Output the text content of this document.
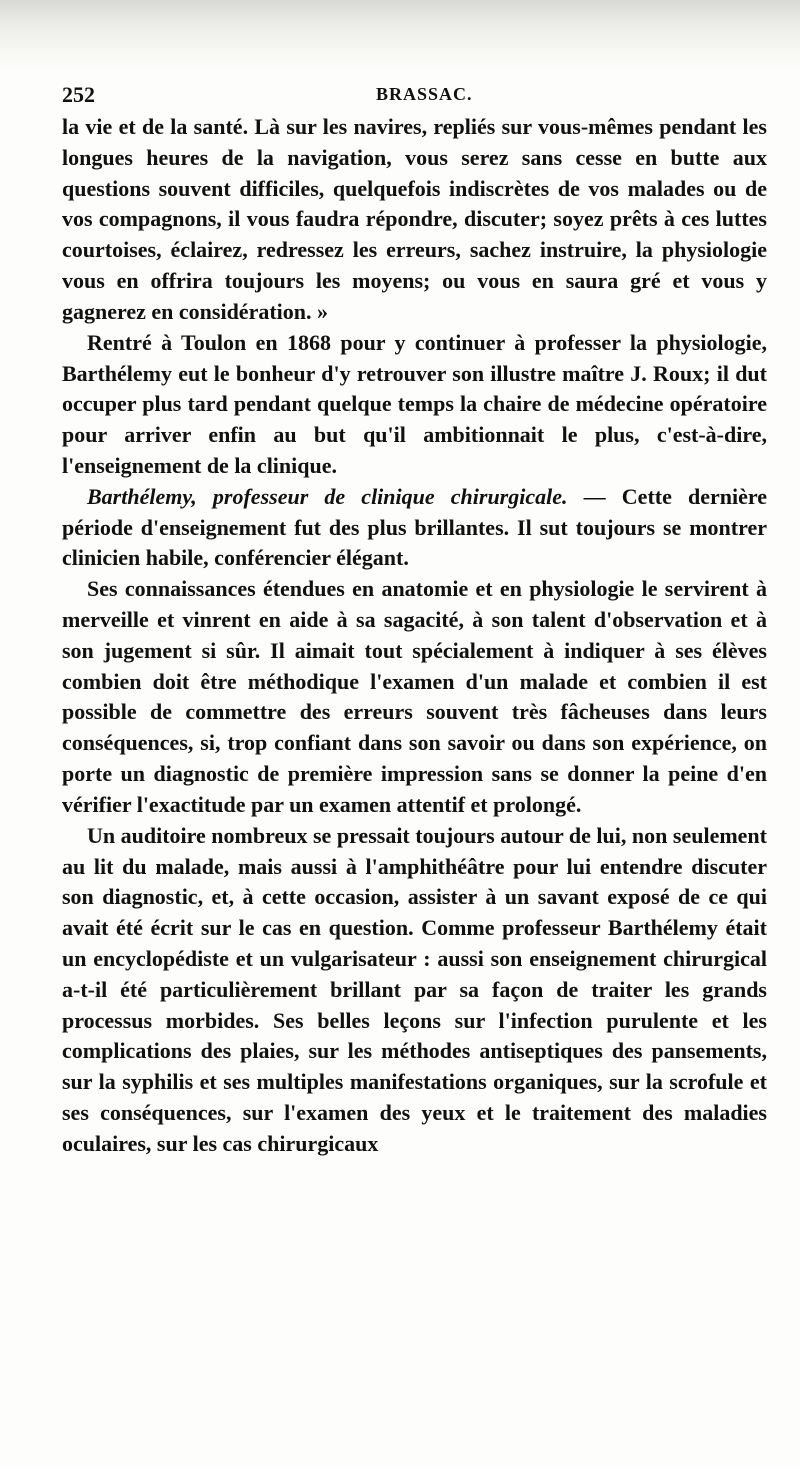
252	BRASSAC.

la vie et de la santé. Là sur les navires, repliés sur vous-mêmes pendant les longues heures de la navigation, vous serez sans cesse en butte aux questions souvent difficiles, quelquefois indiscrètes de vos malades ou de vos compagnons, il vous faudra répondre, discuter; soyez prêts à ces luttes courtoises, éclairez, redressez les erreurs, sachez instruire, la physiologie vous en offrira toujours les moyens; ou vous en saura gré et vous y gagnerez en considération. »

Rentré à Toulon en 1868 pour y continuer à professer la physiologie, Barthélemy eut le bonheur d'y retrouver son illustre maître J. Roux; il dut occuper plus tard pendant quelque temps la chaire de médecine opératoire pour arriver enfin au but qu'il ambitionnait le plus, c'est-à-dire, l'enseignement de la clinique.

Barthélemy, professeur de clinique chirurgicale. — Cette dernière période d'enseignement fut des plus brillantes. Il sut toujours se montrer clinicien habile, conférencier élégant.

Ses connaissances étendues en anatomie et en physiologie le servirent à merveille et vinrent en aide à sa sagacité, à son talent d'observation et à son jugement si sûr. Il aimait tout spécialement à indiquer à ses élèves combien doit être méthodique l'examen d'un malade et combien il est possible de commettre des erreurs souvent très fâcheuses dans leurs conséquences, si, trop confiant dans son savoir ou dans son expérience, on porte un diagnostic de première impression sans se donner la peine d'en vérifier l'exactitude par un examen attentif et prolongé.

Un auditoire nombreux se pressait toujours autour de lui, non seulement au lit du malade, mais aussi à l'amphithéâtre pour lui entendre discuter son diagnostic, et, à cette occasion, assister à un savant exposé de ce qui avait été écrit sur le cas en question. Comme professeur Barthélemy était un encyclopédiste et un vulgarisateur : aussi son enseignement chirurgical a-t-il été particulièrement brillant par sa façon de traiter les grands processus morbides. Ses belles leçons sur l'infection purulente et les complications des plaies, sur les méthodes antiseptiques des pansements, sur la syphilis et ses multiples manifestations organiques, sur la scrofule et ses conséquences, sur l'examen des yeux et le traitement des maladies oculaires, sur les cas chirurgicaux
